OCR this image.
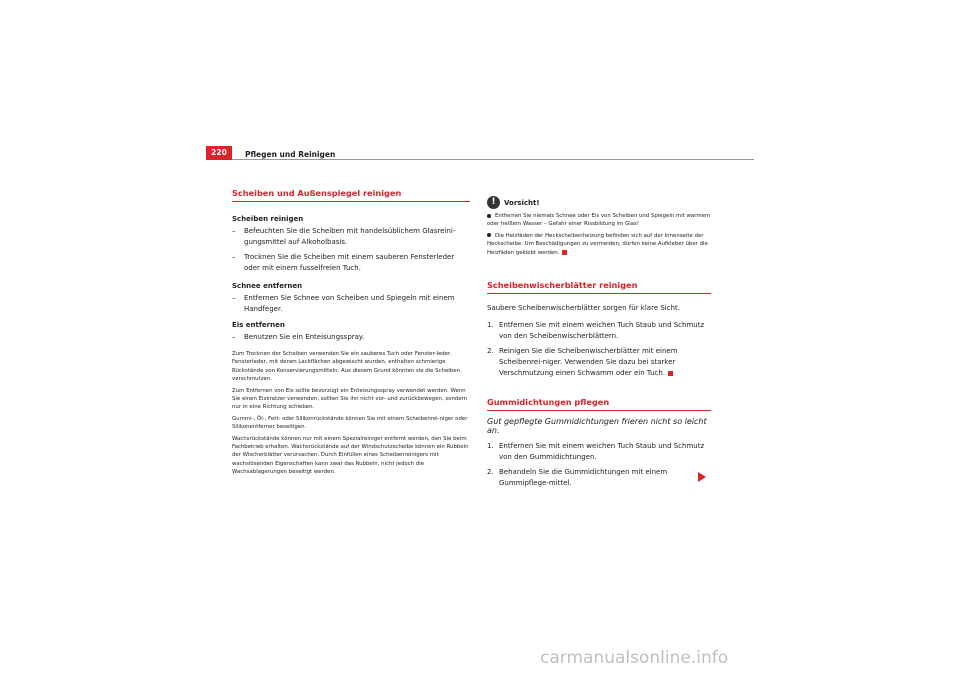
220	Pflegen und Reinigen
Scheiben und Außenspiegel reinigen

Scheiben reinigen

– Befeuchten Sie die Scheiben mit handelsüblichem Glasreinigungsmittel auf Alkoholbasis.

– Trocknen Sie die Scheiben mit einem sauberen Fensterleder oder mit einem fusselfreien Tuch.

Schnee entfernen

– Entfernen Sie Schnee von Scheiben und Spiegeln mit einem Handfeger.

Eis entfernen

– Benutzen Sie ein Enteisungsspray.

Zum Trocknen der Scheiben verwenden Sie ein sauberes Tuch oder Fenster-leder. Fensterleder, mit denen Lackflächen abgewischt wurden, enthalten schmierige Rückstände von Konservierungsmitteln. Aus diesem Grund könnten sie die Scheiben verschmutzen.

Zum Entfernen von Eis sollte bevorzugt ein Enteisungsspray verwendet werden. Wenn Sie einen Eiskratzer verwenden, sollten Sie ihn nicht vor- und zurückbewegen, sondern nur in eine Richtung schieben.

Gummi-, Öl-, Fett- oder Silikonrückstände können Sie mit einem Scheibenrei-niger oder Silikonentferner beseitigen.

Wachsrückstände können nur mit einem Spezialreiniger entfernt werden, den Sie beim Fachbetrieb erhalten. Wachsrückstände auf der Windschutzscheibe können ein Rubbeln der Wischerblätter verursachen. Durch Einfüllen eines Scheibenreinigers mit wachslösenden Eigenschaften kann zwar das Rubbeln, nicht jedoch die Wachsablagerungen beseitigt werden.

!	Vorsicht!

Entfernen Sie niemals Schnee oder Eis von Scheiben und Spiegeln mit warmem oder heißem Wasser – Gefahr einer Rissbildung im Glas!

Die Heizfäden der Heckscheibenheizung befinden sich auf der Innenseite der Heckscheibe. Um Beschädigungen zu vermeiden, dürfen keine Aufkleber über die Heizfäden geklebt werden.

Scheibenwischerblätter reinigen

Saubere Scheibenwischerblätter sorgen für klare Sicht.

1. Entfernen Sie mit einem weichen Tuch Staub und Schmutz von den Scheibenwischerblättern.

2. Reinigen Sie die Scheibenwischerblätter mit einem Scheibenrei-niger. Verwenden Sie dazu bei starker Verschmutzung einen Schwamm oder ein Tuch.

Gummidichtungen pflegen

Gut gepflegte Gummidichtungen frieren nicht so leicht an.

1. Entfernen Sie mit einem weichen Tuch Staub und Schmutz von den Gummidichtungen.

2. Behandeln Sie die Gummidichtungen mit einem Gummipflege-mittel.

carmanualsonline.info
